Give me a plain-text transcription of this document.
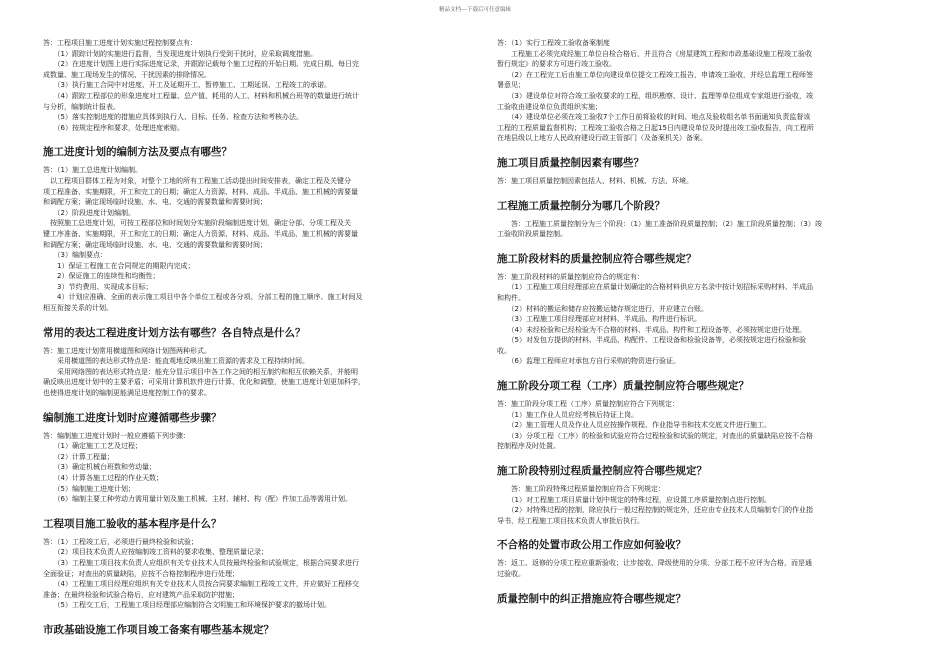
精品文档---下载后可任意编辑

答：工程项目施工进度计划实施过程控制要点有：

　　（1）跟踪计划的实施进行监督，当发现进度计划执行受到干扰时，应采取调度措施。

　　（2）在进度计划图上进行实际进度记录，并跟踪记载每个施工过程的开始日期、完成日期、每日完

成数量、施工现场发生的情况、干扰因素的排除情况。

　　（3）执行施工合同中对进度、开工及延期开工、暂停施工、工期延误、工程竣工的承诺。

　　（4）跟踪工程部位的形象进度对工程量、总产值、耗用的人工、材料和机械台班等的数量进行统计

与分析，编制统计报表。

　　（5）落实控制进度的措施应具体到执行人、目标、任务、检查方法和考核办法。

　　（6）按规定程序和要求，处理进度索赔。

施工进度计划的编制方法及要点有哪些？

答：（1）施工总进度计划编制。

　以工程项目群体工程为对象，对整个工地的所有工程施工活动提出时间安排表，确定工程及关键分

项工程准备、实施期限，开工和完工的日期；确定人力资源、材料、成品、半成品、施工机械的需要量

和调配方案；确定现场临时设施、水、电、交通的需要数量和需要时间；

　　（2）阶段进度计划编制。

　按照施工总进度计划，可按工程部位和时间划分实施阶段编制进度计划，确定分部、分项工程及关

键工序准备、实施期限，开工和完工的日期；确定人力资源、材料、成品、半成品、施工机械的需要量

和调配方案；确定现场临时设施、水、电、交通的需要数量和需要时间；

　　（3）编制要点：

　　1）保证工程施工在合同规定的期限内完成；

　　2）保证施工的连续性和均衡性；

　　3）节约费用、实现成本目标；

　　4）计划应准确、全面的表示施工项目中各个单位工程或各分项、分部工程的施工顺序、施工时间及

相互衔接关系的计划。

常用的表达工程进度计划方法有哪些？各自特点是什么？

答：施工进度计划常用横道图和网络计划图两种形式。

　　采用横道图的表达形式特点是：能直观地反映出施工资源的需求及工程持续时间。

　　采用网络图的表达形式特点是：能充分显示项目中各工作之间的相互制约和相互依赖关系，并能明

确反映出进度计划中的主要矛盾；可采用计算机软件进行计算、优化和调整，使施工进度计划更加科学，

也使得进度计划的编制更能满足进度控制工作的要求。

编制施工进度计划时应遵循哪些步骤？

答：编制施工进度计划时一般应遵循下列步骤：

　　（1）确定施工工艺及过程；

　　（2）计算工程量；

　　（3）确定机械台班数和劳动量；

　　（4）计算各施工过程的作业天数；

　　（5）编制施工进度计划；

　　（6）编制主要工种劳动力需用量计划及施工机械、主材、辅材、构（配）件加工品等需用计划。

工程项目施工验收的基本程序是什么？

答：（1）工程竣工后，必须进行最终检验和试验；

　　（2）项目技术负责人应按编制竣工资料的要求收集、整理质量记录；

　　（3）工程施工项目技术负责人应组织有关专业技术人员按最终检验和试验规定，根据合同要求进行

全面验证；对查出的质量缺陷，应按不合格控制程序进行处理；

　　（4）工程施工项目经理应组织有关专业技术人员按合同要求编制工程竣工文件，并应做好工程移交

准备；在最终检验和试验合格后，应对建筑产品采取防护措施；

　　（5）工程交工后，工程施工项目经理部应编制符合文明施工和环境保护要求的撤场计划。

市政基础设施工作项目竣工备案有哪些基本规定？

答：（1）实行工程竣工验收备案制度

　　工程施工必须完成经施工单位自检合格后，并且符合《房屋建筑工程和市政基础设施工程竣工验收

暂行规定》的要求方可进行竣工验收。

　　（2）在工程完工后由施工单位向建设单位提交工程竣工报告，申请竣工验收，并经总监理工程师签

署意见；

　　（3）建设单位对符合竣工验收要求的工程，组织勘察、设计、监理等单位组成专家组进行验收，竣

工验收由建设单位负责组织实施；

　　（4）建设单位必须在竣工验收7个工作日前将验收的时间、地点及验收组名单书面通知负责监督该

工程的工程质量监督机构；工程竣工验收合格之日起15日内建设单位及时提出竣工验收报告，向工程所

在地县级以上地方人民政府建设行政主管部门（及备案机关）备案。

施工项目质量控制因素有哪些？

答：施工项目质量控制因素包括人、材料、机械、方法、环境。

工程施工质量控制分为哪几个阶段？

　　答：工程施工质量控制分为三个阶段：（1）施工准备阶段质量控制；（2）施工阶段质量控制；（3）竣

工验收阶段质量控制。

施工阶段材料的质量控制应符合哪些规定？

答：施工阶段材料的质量控制应符合的规定有：

　　（1）工程施工项目经理部应在质量计划确定的合格材料供应方名录中按计划招标采购材料、半成品

和构件。

　　（2）材料的搬运和储存应按搬运储存规定进行，并应建立台账。

　　（3）工程施工项目经理部应对材料、半成品、构件进行标识。

　　（4）未经检验和已经检验为不合格的材料、半成品、构件和工程设备等，必须按规定进行处理。

　　（5）对发包方提供的材料、半成品、构配件、工程设备和检验设备等，必须按规定进行检验和验

收。

　　（6）监理工程师应对承包方自行采购的物资进行验证。

施工阶段分项工程（工序）质量控制应符合哪些规定？

答：施工阶段分项工程（工序）质量控制应符合下列规定：

　　（1）施工作业人员应经考核后持证上岗。

　　（2）施工管理人员及作业人员应按操作规程、作业指导书和技术交底文件进行施工。

　　（3）分项工程（工序）的检验和试验应符合过程检验和试验的规定，对查出的质量缺陷应按不合格

控制程序及时处置。

施工阶段特别过程质量控制应符合哪些规定？

　　答：施工阶段特殊过程质量控制应符合下列规定：

　　（1）对工程施工项目质量计划中规定的特殊过程，应设置工序质量控制点进行控制。

　　（2）对特殊过程的控制，除应执行一般过程控制的规定外，还应由专业技术人员编制专门的作业指

导书，经工程施工项目技术负责人审批后执行。

不合格的处置市政公用工作应如何验收？

答：返工、返修的分项工程应重新验收；让步接收、降级使用的分项、分部工程不应评为合格，而是通

过验收。

质量控制中的纠正措施应符合哪些规定？
